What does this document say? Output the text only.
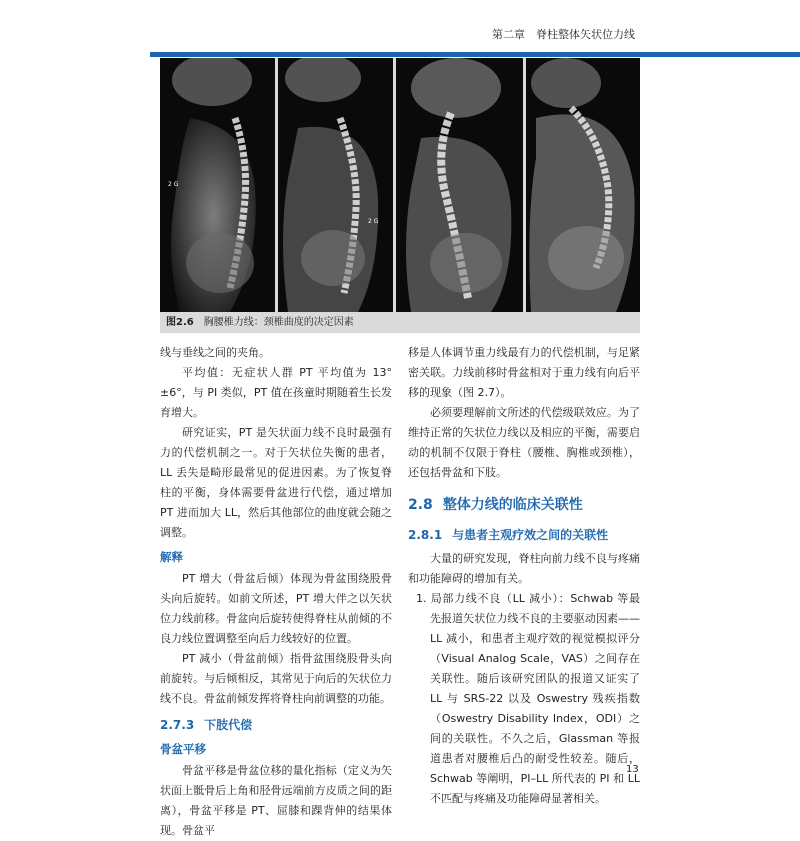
第二章　脊柱整体矢状位力线
2 G
2 G
图2.6 胸腰椎力线：颈椎曲度的决定因素

线与垂线之间的夹角。

平均值：无症状人群 PT 平均值为 13° ±6°，与 PI 类似，PT 值在孩童时期随着生长发育增大。

研究证实，PT 是矢状面力线不良时最强有力的代偿机制之一。对于矢状位失衡的患者，LL 丢失是畸形最常见的促进因素。为了恢复脊柱的平衡，身体需要骨盆进行代偿，通过增加 PT 进而加大 LL，然后其他部位的曲度就会随之调整。

解释

PT 增大（骨盆后倾）体现为骨盆围绕股骨头向后旋转。如前文所述，PT 增大伴之以矢状位力线前移。骨盆向后旋转使得脊柱从前倾的不良力线位置调整至向后力线较好的位置。

PT 减小（骨盆前倾）指骨盆围绕股骨头向前旋转。与后倾相反，其常见于向后的矢状位力线不良。骨盆前倾发挥将脊柱向前调整的功能。

2.7.3 下肢代偿
骨盆平移

骨盆平移是骨盆位移的量化指标（定义为矢状面上骶骨后上角和胫骨远端前方皮质之间的距离），骨盆平移是 PT、屈膝和踝背伸的结果体现。骨盆平

移是人体调节重力线最有力的代偿机制，与足紧密关联。力线前移时骨盆相对于重力线有向后平移的现象（图 2.7）。

必须要理解前文所述的代偿级联效应。为了维持正常的矢状位力线以及相应的平衡，需要启动的机制不仅限于脊柱（腰椎、胸椎或颈椎），还包括骨盆和下肢。

2.8 整体力线的临床关联性
2.8.1 与患者主观疗效之间的关联性

大量的研究发现，脊柱向前力线不良与疼痛和功能障碍的增加有关。

1. 局部力线不良（LL 减小）：Schwab 等最先报道矢状位力线不良的主要驱动因素——LL 减小，和患者主观疗效的视觉模拟评分（Visual Analog Scale，VAS）之间存在关联性。随后该研究团队的报道又证实了 LL 与 SRS-22 以及 Oswestry 残疾指数（Oswestry Disability Index，ODI）之间的关联性。不久之后，Glassman 等报道患者对腰椎后凸的耐受性较差。随后，Schwab 等阐明，PI–LL 所代表的 PI 和 LL 不匹配与疼痛及功能障碍显著相关。

13
